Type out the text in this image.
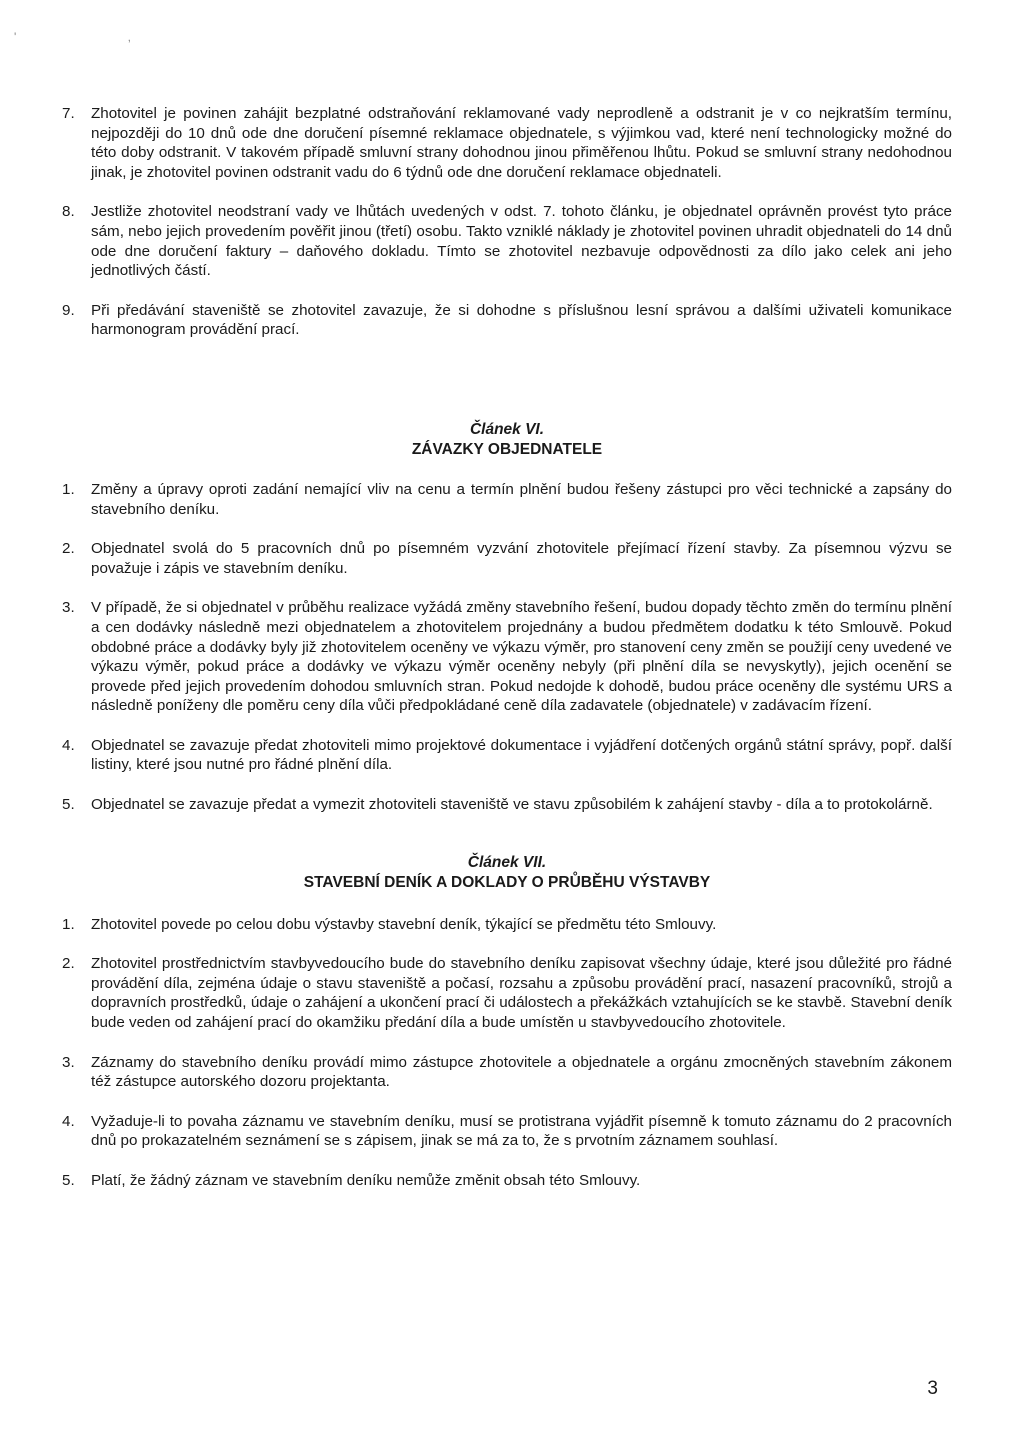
' ,
7.	Zhotovitel je povinen zahájit bezplatné odstraňování reklamované vady neprodleně a odstranit je v co nejkratším termínu, nejpozději do 10 dnů ode dne doručení písemné reklamace objednatele, s výjimkou vad, které není technologicky možné do této doby odstranit. V takovém případě smluvní strany dohodnou jinou přiměřenou lhůtu. Pokud se smluvní strany nedohodnou jinak, je zhotovitel povinen odstranit vadu do 6 týdnů ode dne doručení reklamace objednateli.
8.	Jestliže zhotovitel neodstraní vady ve lhůtách uvedených v odst. 7. tohoto článku, je objednatel oprávněn provést tyto práce sám, nebo jejich provedením pověřit jinou (třetí) osobu. Takto vzniklé náklady je zhotovitel povinen uhradit objednateli do 14 dnů ode dne doručení faktury – daňového dokladu. Tímto se zhotovitel nezbavuje odpovědnosti za dílo jako celek ani jeho jednotlivých částí.
9.	Při předávání staveniště se zhotovitel zavazuje, že si dohodne s příslušnou lesní správou a dalšími uživateli komunikace harmonogram provádění prací.
Článek VI.
ZÁVAZKY OBJEDNATELE
1.	Změny a úpravy oproti zadání nemající vliv na cenu a termín plnění budou řešeny zástupci pro věci technické a zapsány do stavebního deníku.
2.	Objednatel svolá do 5 pracovních dnů po písemném vyzvání zhotovitele přejímací řízení stavby. Za písemnou výzvu se považuje i zápis ve stavebním deníku.
3.	V případě, že si objednatel v průběhu realizace vyžádá změny stavebního řešení, budou dopady těchto změn do termínu plnění a cen dodávky následně mezi objednatelem a zhotovitelem projednány a budou předmětem dodatku k této Smlouvě. Pokud obdobné práce a dodávky byly již zhotovitelem oceněny ve výkazu výměr, pro stanovení ceny změn se použijí ceny uvedené ve výkazu výměr, pokud práce a dodávky ve výkazu výměr oceněny nebyly (při plnění díla se nevyskytly), jejich ocenění se provede před jejich provedením dohodou smluvních stran. Pokud nedojde k dohodě, budou práce oceněny dle systému URS a následně poníženy dle poměru ceny díla vůči předpokládané ceně díla zadavatele (objednatele) v zadávacím řízení.
4.	Objednatel se zavazuje předat zhotoviteli mimo projektové dokumentace i vyjádření dotčených orgánů státní správy, popř. další listiny, které jsou nutné pro řádné plnění díla.
5.	Objednatel se zavazuje předat a vymezit zhotoviteli staveniště ve stavu způsobilém k zahájení stavby - díla a to protokolárně.
Článek VII.
STAVEBNÍ DENÍK A DOKLADY O PRŮBĚHU VÝSTAVBY
1.	Zhotovitel povede po celou dobu výstavby stavební deník, týkající se předmětu této Smlouvy.
2.	Zhotovitel prostřednictvím stavbyvedoucího bude do stavebního deníku zapisovat všechny údaje, které jsou důležité pro řádné provádění díla, zejména údaje o stavu staveniště a počasí, rozsahu a způsobu provádění prací, nasazení pracovníků, strojů a dopravních prostředků, údaje o zahájení a ukončení prací či událostech a překážkách vztahujících se ke stavbě. Stavební deník bude veden od zahájení prací do okamžiku předání díla a bude umístěn u stavbyvedoucího zhotovitele.
3.	Záznamy do stavebního deníku provádí mimo zástupce zhotovitele a objednatele a orgánu zmocněných stavebním zákonem též zástupce autorského dozoru projektanta.
4.	Vyžaduje-li to povaha záznamu ve stavebním deníku, musí se protistrana vyjádřit písemně k tomuto záznamu do 2 pracovních dnů po prokazatelném seznámení se s zápisem, jinak se má za to, že s prvotním záznamem souhlasí.
5.	Platí, že žádný záznam ve stavebním deníku nemůže změnit obsah této Smlouvy.
3
